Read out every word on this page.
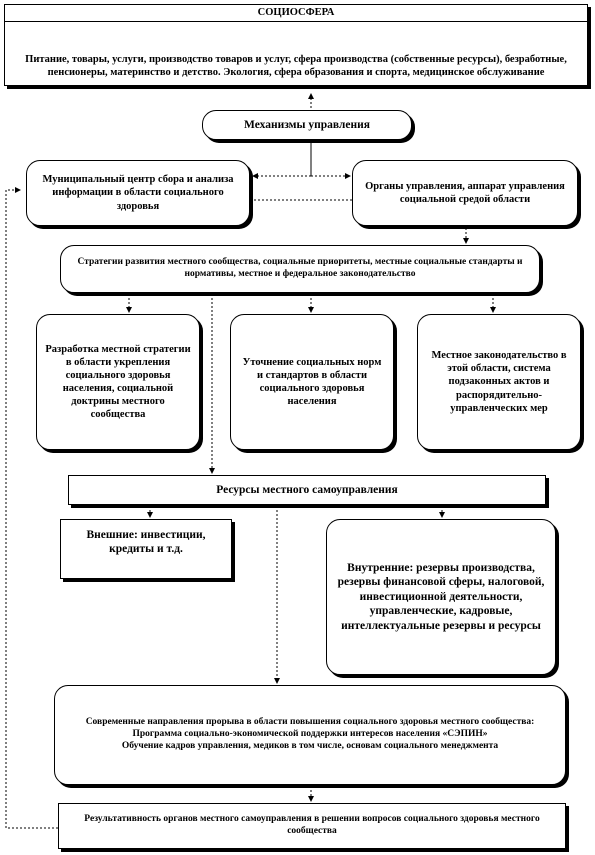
СОЦИОСФЕРА
Питание, товары, услуги, производство товаров и услуг, сфера производства (собственные ресурсы), безработные, пенсионеры, материнство и детство. Экология, сфера образования и спорта, медицинское обслуживание
Механизмы управления
Муниципальный центр сбора и анализа информации в области социального здоровья
Органы управления, аппарат управления социальной средой области
Стратегии развития местного сообщества, социальные приоритеты, местные социальные стандарты и нормативы, местное и федеральное законодательство
Разработка местной стратегии в области укрепления социального здоровья населения, социальной доктрины местного сообщества
Уточнение социальных норм и стандартов в области социального здоровья населения
Местное законодательство в этой области, система подзаконных актов и распорядительно-управленческих мер
Ресурсы местного самоуправления
Внешние: инвестиции, кредиты и т.д.
Внутренние: резервы производства, резервы финансовой сферы, налоговой, инвестиционной деятельности, управленческие, кадровые, интеллектуальные резервы и ресурсы
Современные направления прорыва в области повышения социального здоровья местного сообщества:
Программа социально-экономической поддержки интересов населения «СЭПИН»
Обучение кадров управления, медиков в том числе, основам социального менеджмента
Результативность органов местного самоуправления в решении вопросов социального здоровья местного сообщества
